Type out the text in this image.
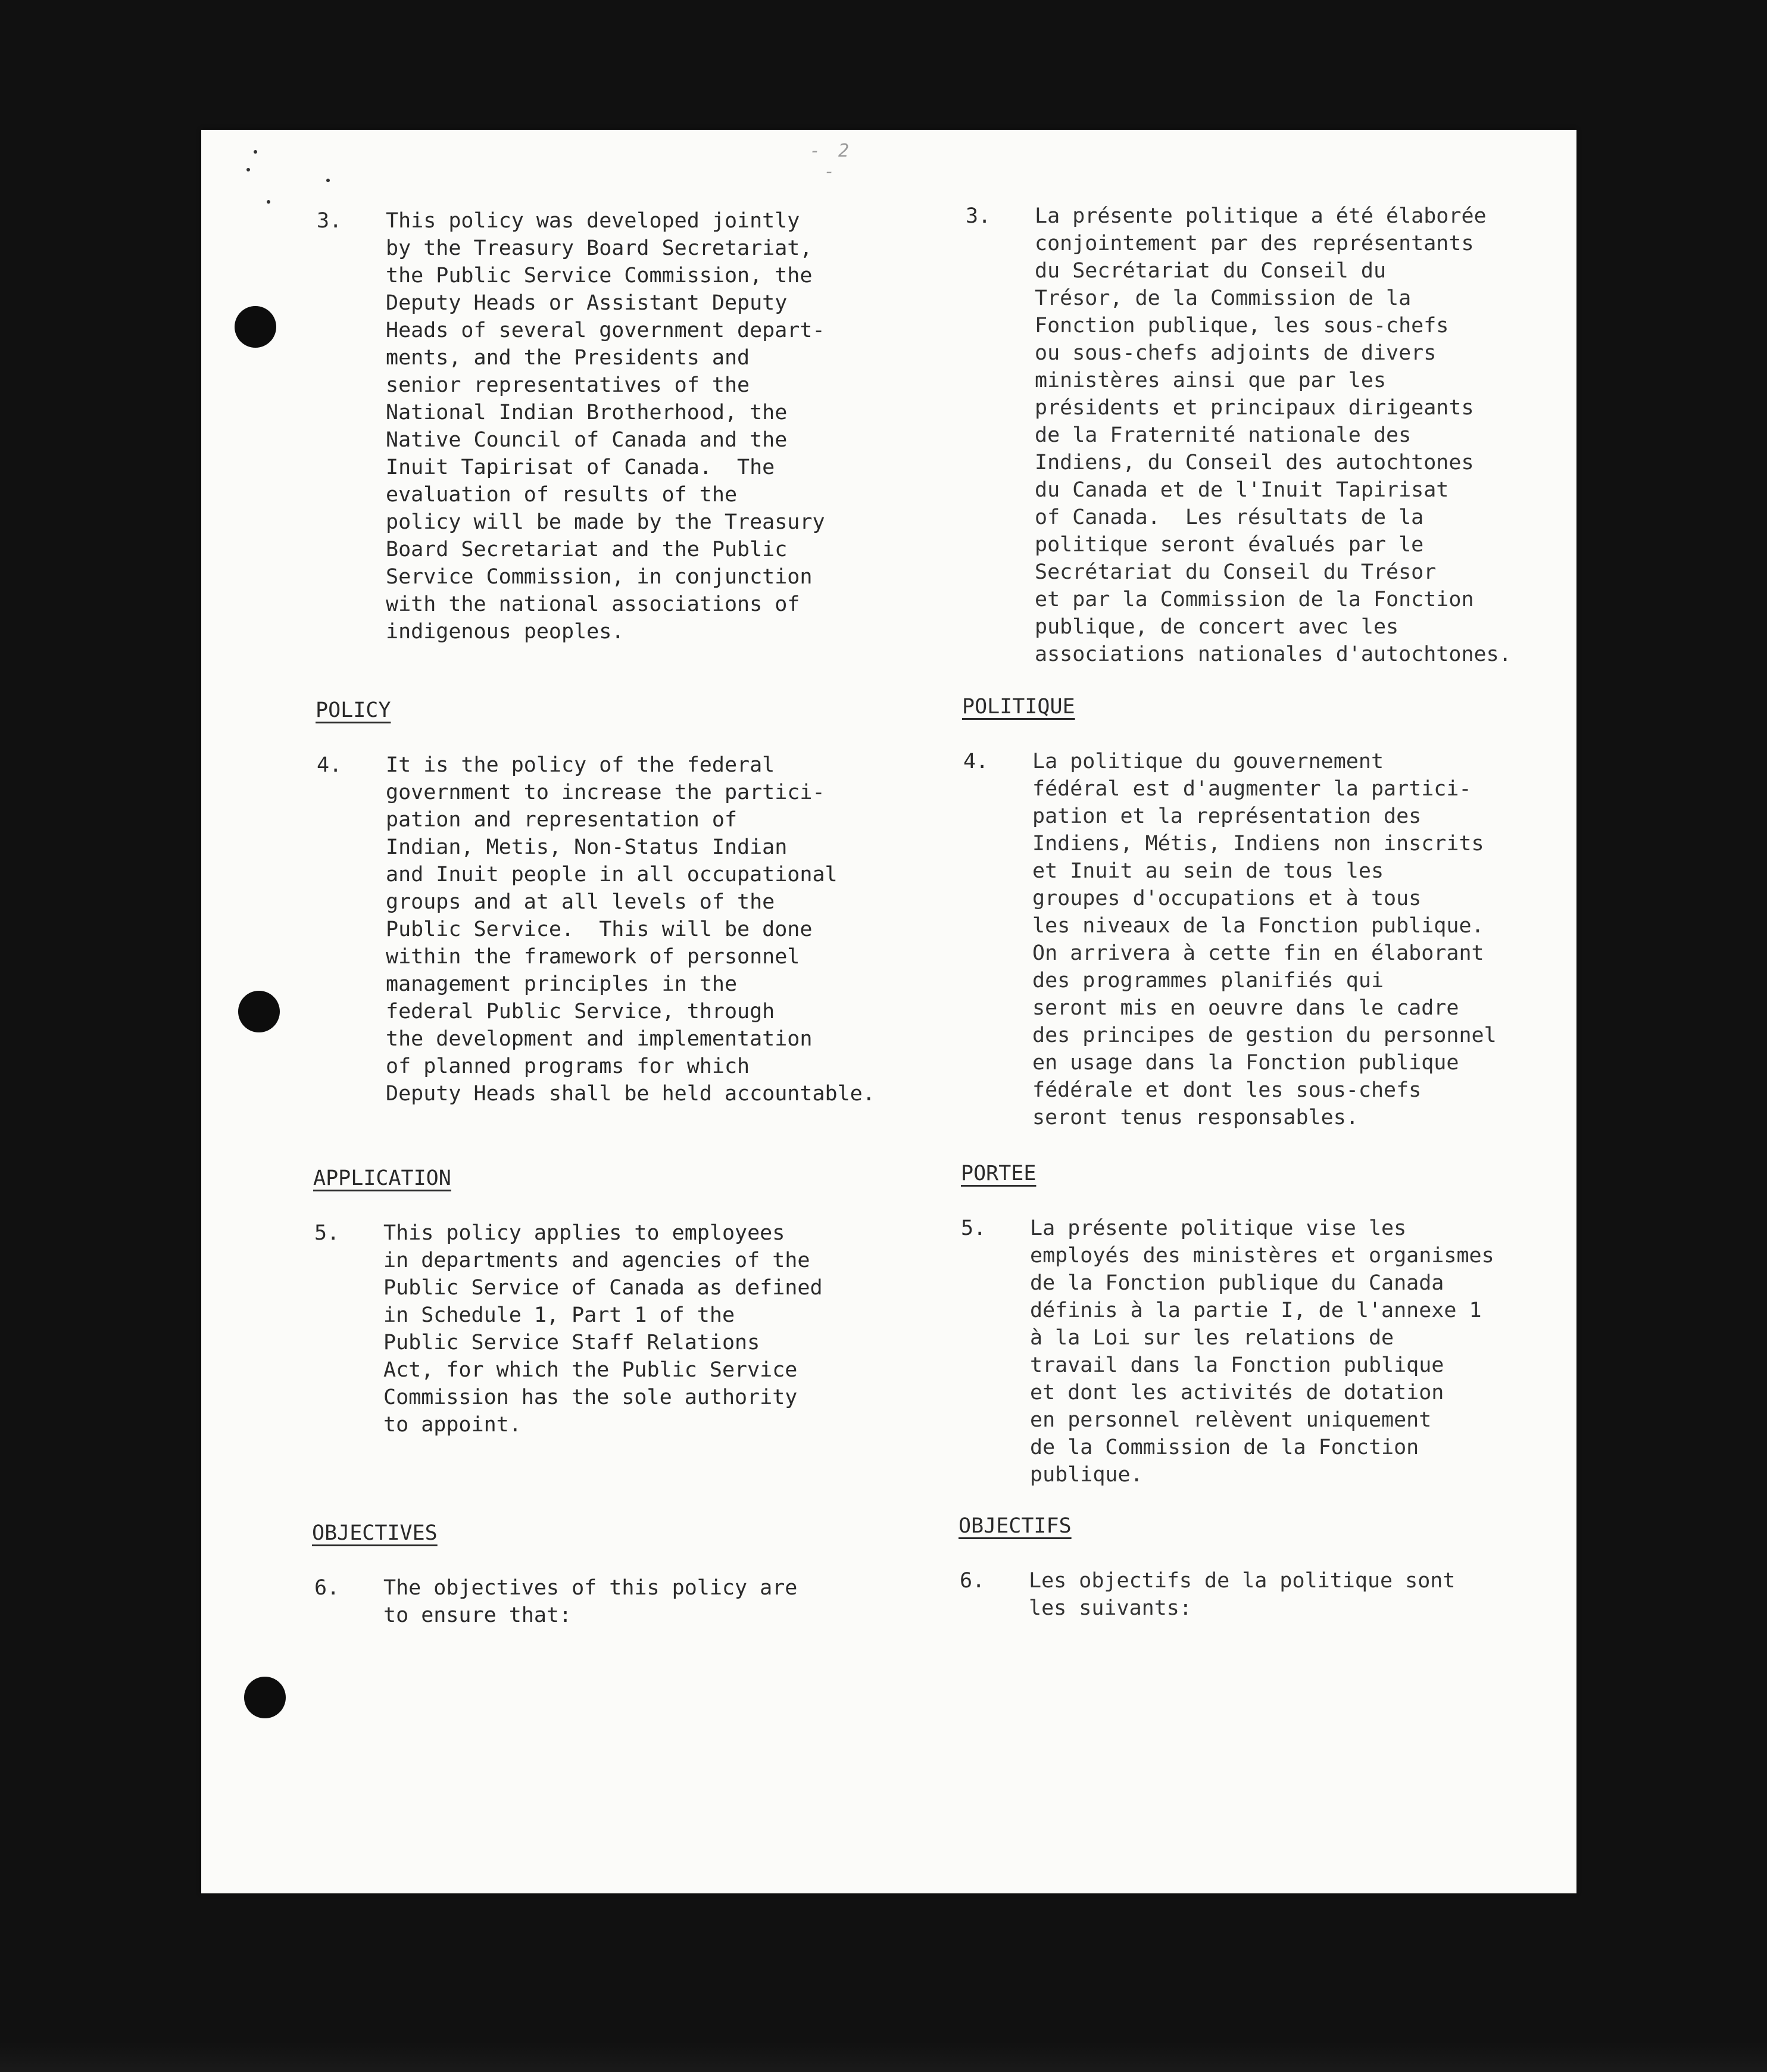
- 2 -
3. This policy was developed jointly
by the Treasury Board Secretariat,
the Public Service Commission, the
Deputy Heads or Assistant Deputy
Heads of several government depart-
ments, and the Presidents and
senior representatives of the
National Indian Brotherhood, the
Native Council of Canada and the
Inuit Tapirisat of Canada.  The
evaluation of results of the
policy will be made by the Treasury
Board Secretariat and the Public
Service Commission, in conjunction
with the national associations of
indigenous peoples.
POLICY
4. It is the policy of the federal
government to increase the partici-
pation and representation of
Indian, Metis, Non-Status Indian
and Inuit people in all occupational
groups and at all levels of the
Public Service.  This will be done
within the framework of personnel
management principles in the
federal Public Service, through
the development and implementation
of planned programs for which
Deputy Heads shall be held accountable.
APPLICATION
5. This policy applies to employees
in departments and agencies of the
Public Service of Canada as defined
in Schedule 1, Part 1 of the
Public Service Staff Relations
Act, for which the Public Service
Commission has the sole authority
to appoint.
OBJECTIVES
6. The objectives of this policy are
to ensure that:
3. La présente politique a été élaborée
conjointement par des représentants
du Secrétariat du Conseil du
Trésor, de la Commission de la
Fonction publique, les sous-chefs
ou sous-chefs adjoints de divers
ministères ainsi que par les
présidents et principaux dirigeants
de la Fraternité nationale des
Indiens, du Conseil des autochtones
du Canada et de l'Inuit Tapirisat
of Canada.  Les résultats de la
politique seront évalués par le
Secrétariat du Conseil du Trésor
et par la Commission de la Fonction
publique, de concert avec les
associations nationales d'autochtones.
POLITIQUE
4. La politique du gouvernement
fédéral est d'augmenter la partici-
pation et la représentation des
Indiens, Métis, Indiens non inscrits
et Inuit au sein de tous les
groupes d'occupations et à tous
les niveaux de la Fonction publique.
On arrivera à cette fin en élaborant
des programmes planifiés qui
seront mis en oeuvre dans le cadre
des principes de gestion du personnel
en usage dans la Fonction publique
fédérale et dont les sous-chefs
seront tenus responsables.
PORTEE
5. La présente politique vise les
employés des ministères et organismes
de la Fonction publique du Canada
définis à la partie I, de l'annexe 1
à la Loi sur les relations de
travail dans la Fonction publique
et dont les activités de dotation
en personnel relèvent uniquement
de la Commission de la Fonction
publique.
OBJECTIFS
6. Les objectifs de la politique sont
les suivants:
